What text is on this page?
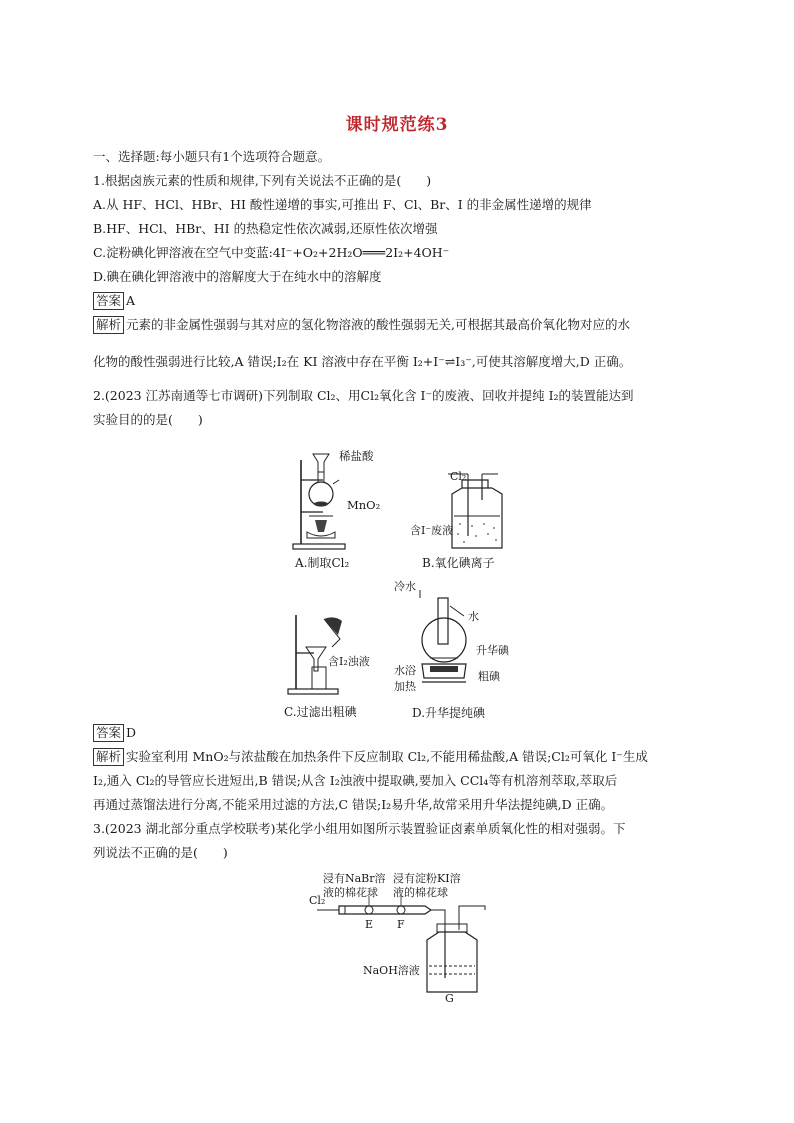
课时规范练3
一、选择题:每小题只有1个选项符合题意。
1.根据卤族元素的性质和规律,下列有关说法不正确的是(　　)
A.从 HF、HCl、HBr、HI 酸性递增的事实,可推出 F、Cl、Br、I 的非金属性递增的规律
B.HF、HCl、HBr、HI 的热稳定性依次减弱,还原性依次增强
C.淀粉碘化钾溶液在空气中变蓝:4I⁻+O₂+2H₂O═══2I₂+4OH⁻
D.碘在碘化钾溶液中的溶解度大于在纯水中的溶解度
答案 A
解析 元素的非金属性强弱与其对应的氢化物溶液的酸性强弱无关,可根据其最高价氧化物对应的水
化物的酸性强弱进行比较,A 错误;I₂在 KI 溶液中存在平衡 I₂+I⁻⇌I₃⁻,可使其溶解度增大,D 正确。
2.(2023 江苏南通等七市调研)下列制取 Cl₂、用Cl₂氧化含 I⁻的废液、回收并提纯 I₂的装置能达到
实验目的的是(　　)
稀盐酸
MnO₂
A.制取Cl₂
Cl₂
含I⁻废液
B.氧化碘离子
含I₂浊液
C.过滤出粗碘
冷水
水
升华碘
水浴
加热
粗碘
D.升华提纯碘
答案 D
解析 实验室利用 MnO₂与浓盐酸在加热条件下反应制取 Cl₂,不能用稀盐酸,A 错误;Cl₂可氧化 I⁻生成
I₂,通入 Cl₂的导管应长进短出,B 错误;从含 I₂浊液中提取碘,要加入 CCl₄等有机溶剂萃取,萃取后
再通过蒸馏法进行分离,不能采用过滤的方法,C 错误;I₂易升华,故常采用升华法提纯碘,D 正确。
3.(2023 湖北部分重点学校联考)某化学小组用如图所示装置验证卤素单质氧化性的相对强弱。下
列说法不正确的是(　　)
浸有NaBr溶
液的棉花球
浸有淀粉KI溶
液的棉花球
Cl₂
E F
NaOH溶液
G
